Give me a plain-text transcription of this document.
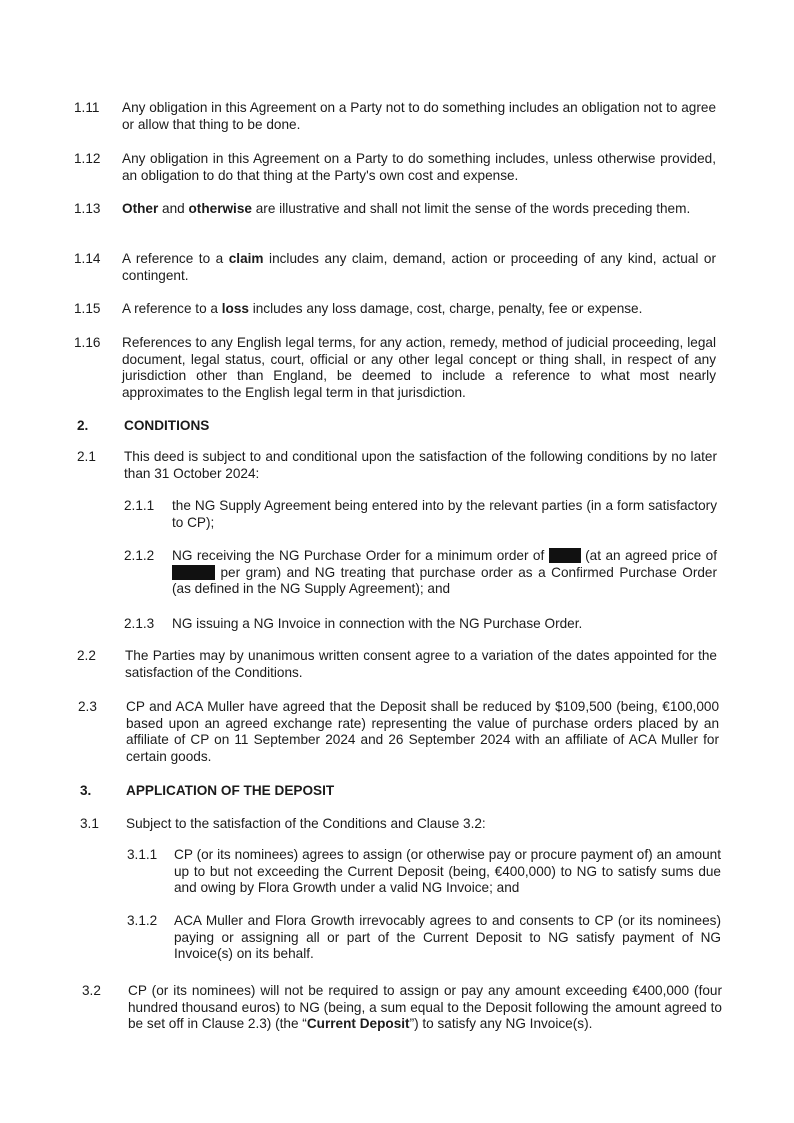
1.11 Any obligation in this Agreement on a Party not to do something includes an obligation not to agree or allow that thing to be done.
1.12 Any obligation in this Agreement on a Party to do something includes, unless otherwise provided, an obligation to do that thing at the Party's own cost and expense.
1.13 Other and otherwise are illustrative and shall not limit the sense of the words preceding them.
1.14 A reference to a claim includes any claim, demand, action or proceeding of any kind, actual or contingent.
1.15 A reference to a loss includes any loss damage, cost, charge, penalty, fee or expense.
1.16 References to any English legal terms, for any action, remedy, method of judicial proceeding, legal document, legal status, court, official or any other legal concept or thing shall, in respect of any jurisdiction other than England, be deemed to include a reference to what most nearly approximates to the English legal term in that jurisdiction.
2.	CONDITIONS
2.1 This deed is subject to and conditional upon the satisfaction of the following conditions by no later than 31 October 2024:
2.1.1 the NG Supply Agreement being entered into by the relevant parties (in a form satisfactory to CP);
2.1.2 NG receiving the NG Purchase Order for a minimum order of  (at an agreed price of  per gram) and NG treating that purchase order as a Confirmed Purchase Order (as defined in the NG Supply Agreement); and
2.1.3 NG issuing a NG Invoice in connection with the NG Purchase Order.
2.2 The Parties may by unanimous written consent agree to a variation of the dates appointed for the satisfaction of the Conditions.
2.3 CP and ACA Muller have agreed that the Deposit shall be reduced by $109,500 (being, €100,000 based upon an agreed exchange rate) representing the value of purchase orders placed by an affiliate of CP on 11 September 2024 and 26 September 2024 with an affiliate of ACA Muller for certain goods.
3.	APPLICATION OF THE DEPOSIT
3.1 Subject to the satisfaction of the Conditions and Clause 3.2:
3.1.1 CP (or its nominees) agrees to assign (or otherwise pay or procure payment of) an amount up to but not exceeding the Current Deposit (being, €400,000) to NG to satisfy sums due and owing by Flora Growth under a valid NG Invoice; and
3.1.2 ACA Muller and Flora Growth irrevocably agrees to and consents to CP (or its nominees) paying or assigning all or part of the Current Deposit to NG satisfy payment of NG Invoice(s) on its behalf.
3.2 CP (or its nominees) will not be required to assign or pay any amount exceeding €400,000 (four hundred thousand euros) to NG (being, a sum equal to the Deposit following the amount agreed to be set off in Clause 2.3) (the “Current Deposit”) to satisfy any NG Invoice(s).
